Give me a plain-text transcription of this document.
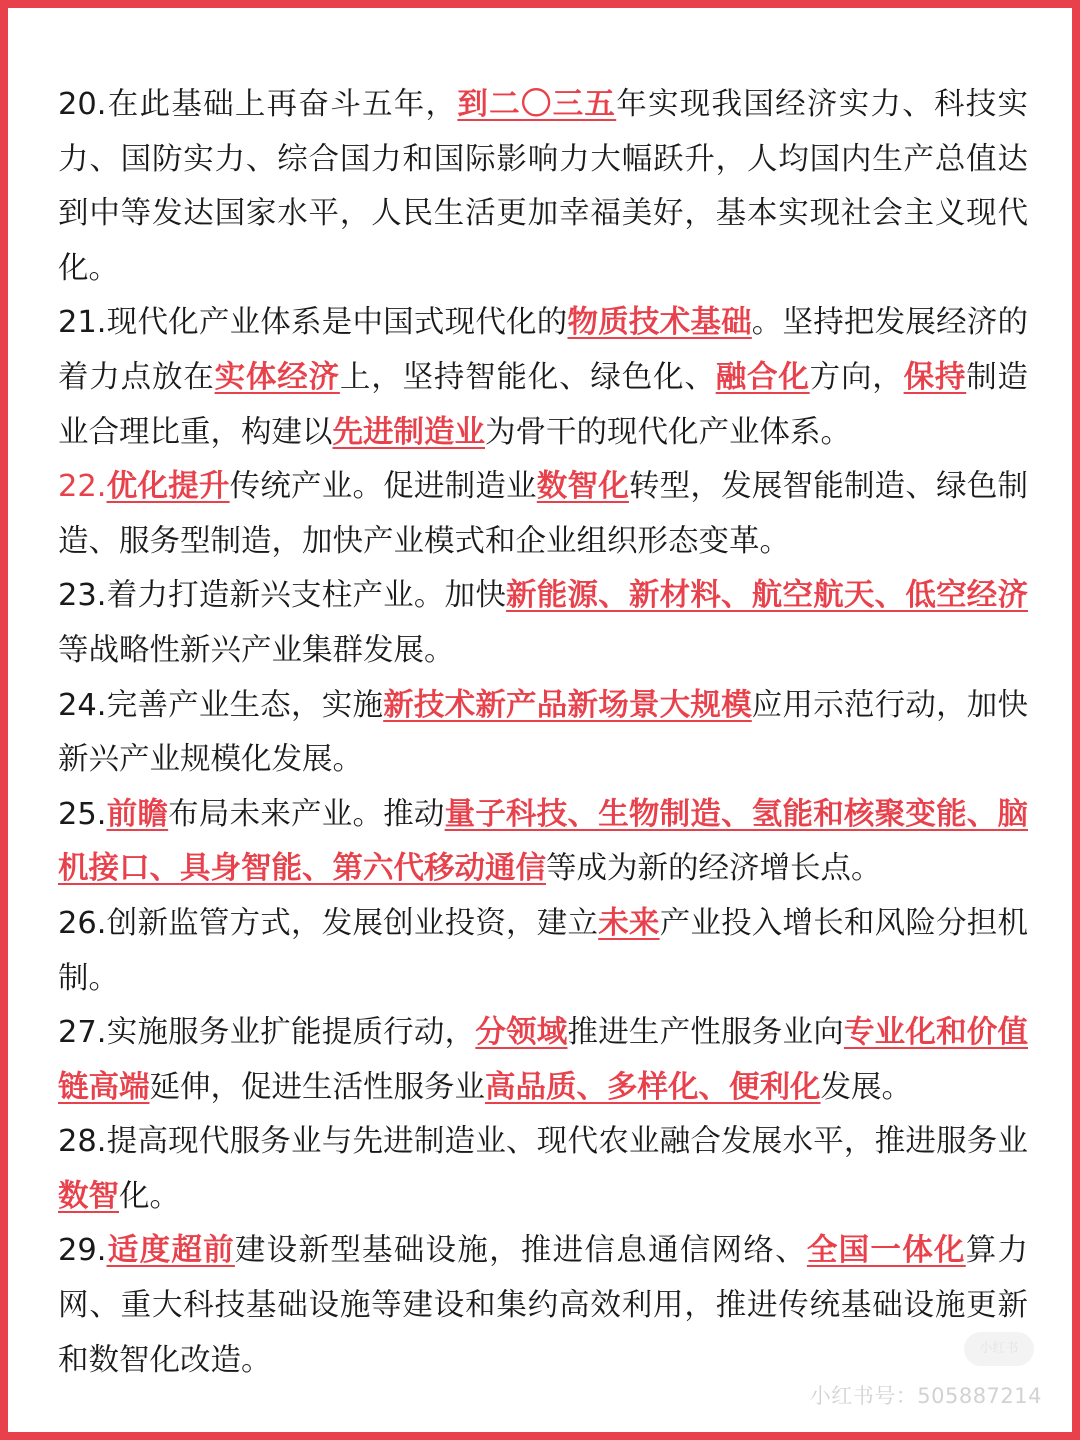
20.在此基础上再奋斗五年，到二〇三五年实现我国经济实力、科技实力、国防实力、综合国力和国际影响力大幅跃升，人均国内生产总值达到中等发达国家水平，人民生活更加幸福美好，基本实现社会主义现代化。

21.现代化产业体系是中国式现代化的物质技术基础。坚持把发展经济的着力点放在实体经济上，坚持智能化、绿色化、融合化方向，保持制造业合理比重，构建以先进制造业为骨干的现代化产业体系。

22.优化提升传统产业。促进制造业数智化转型，发展智能制造、绿色制造、服务型制造，加快产业模式和企业组织形态变革。

23.着力打造新兴支柱产业。加快新能源、新材料、航空航天、低空经济等战略性新兴产业集群发展。

24.完善产业生态，实施新技术新产品新场景大规模应用示范行动，加快新兴产业规模化发展。

25.前瞻布局未来产业。推动量子科技、生物制造、氢能和核聚变能、脑机接口、具身智能、第六代移动通信等成为新的经济增长点。

26.创新监管方式，发展创业投资，建立未来产业投入增长和风险分担机制。

27.实施服务业扩能提质行动，分领域推进生产性服务业向专业化和价值链高端延伸，促进生活性服务业高品质、多样化、便利化发展。

28.提高现代服务业与先进制造业、现代农业融合发展水平，推进服务业数智化。

29.适度超前建设新型基础设施，推进信息通信网络、全国一体化算力网、重大科技基础设施等建设和集约高效利用，推进传统基础设施更新和数智化改造。	小红书
小红书号：505887214
